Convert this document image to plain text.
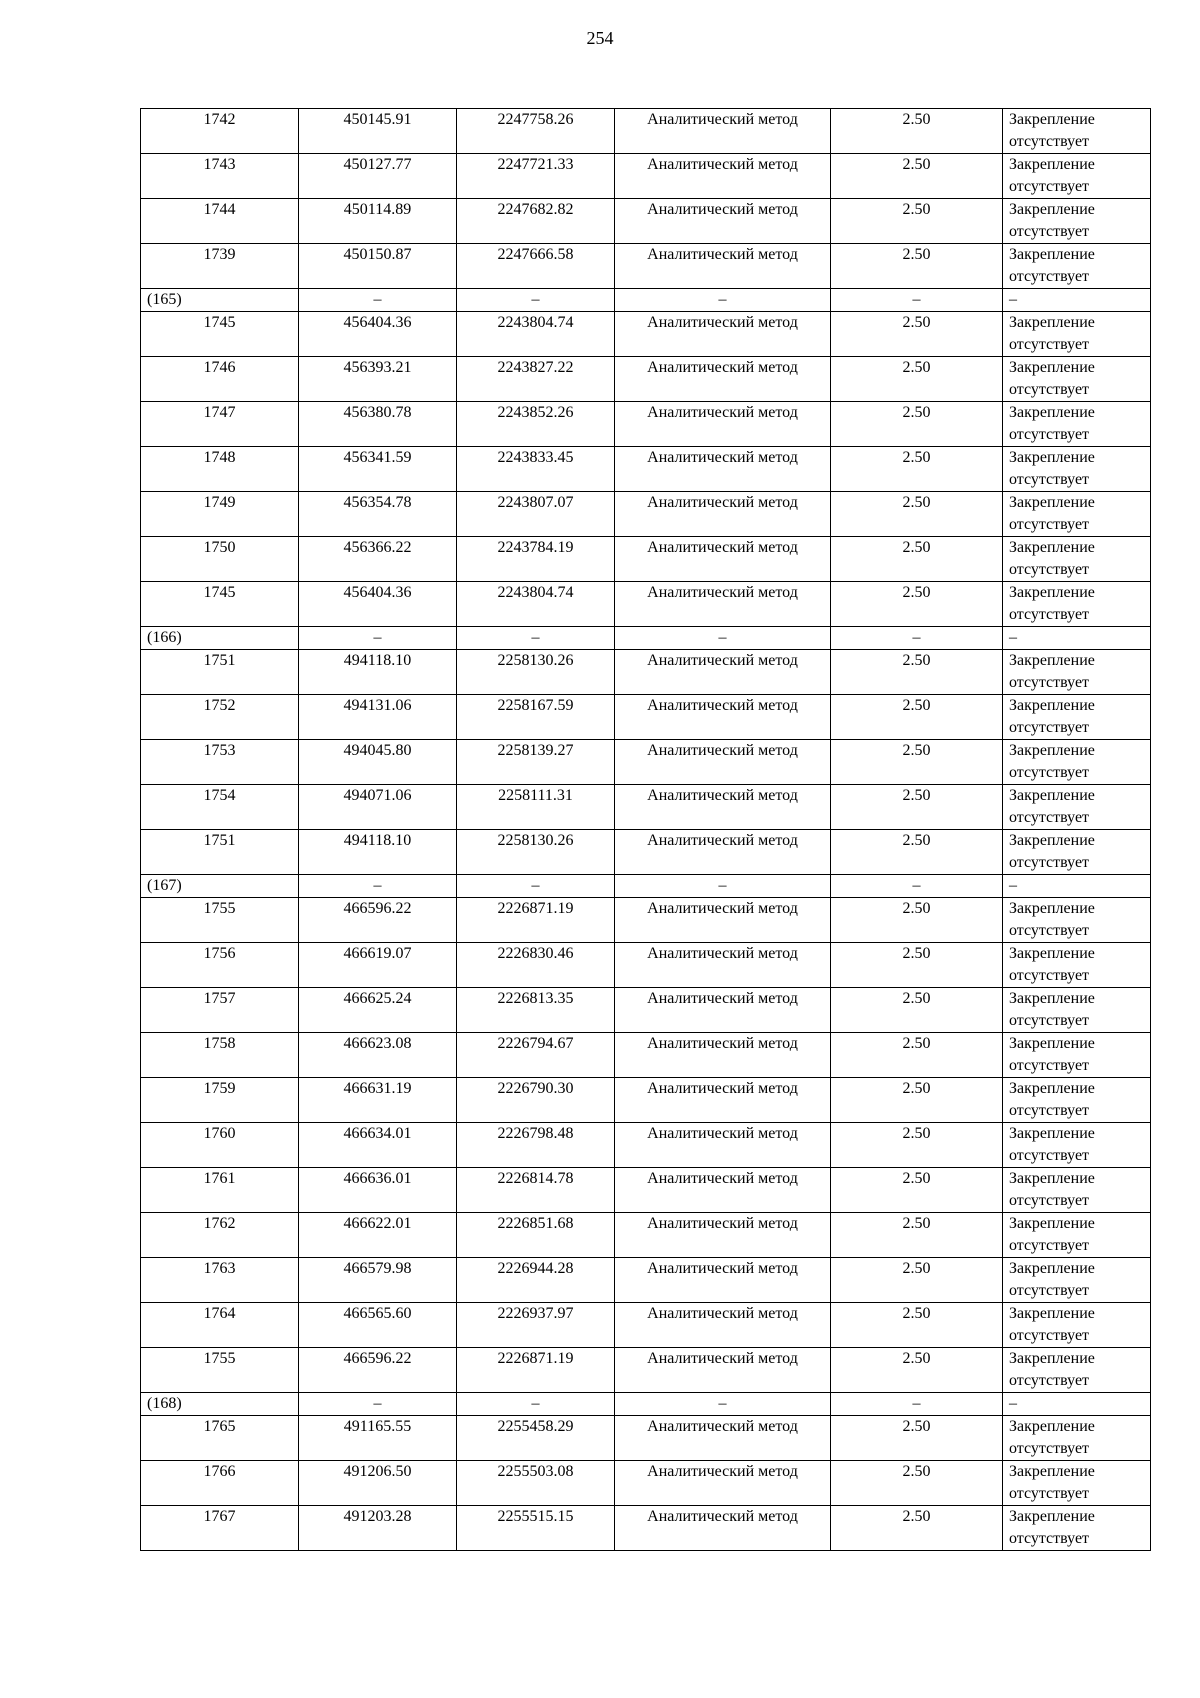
254
1742	450145.91	2247758.26	Аналитический метод	2.50	Закрепление отсутствует
1743	450127.77	2247721.33	Аналитический метод	2.50	Закрепление отсутствует
1744	450114.89	2247682.82	Аналитический метод	2.50	Закрепление отсутствует
1739	450150.87	2247666.58	Аналитический метод	2.50	Закрепление отсутствует
(165)	–	–	–	–	–
1745	456404.36	2243804.74	Аналитический метод	2.50	Закрепление отсутствует
1746	456393.21	2243827.22	Аналитический метод	2.50	Закрепление отсутствует
1747	456380.78	2243852.26	Аналитический метод	2.50	Закрепление отсутствует
1748	456341.59	2243833.45	Аналитический метод	2.50	Закрепление отсутствует
1749	456354.78	2243807.07	Аналитический метод	2.50	Закрепление отсутствует
1750	456366.22	2243784.19	Аналитический метод	2.50	Закрепление отсутствует
1745	456404.36	2243804.74	Аналитический метод	2.50	Закрепление отсутствует
(166)	–	–	–	–	–
1751	494118.10	2258130.26	Аналитический метод	2.50	Закрепление отсутствует
1752	494131.06	2258167.59	Аналитический метод	2.50	Закрепление отсутствует
1753	494045.80	2258139.27	Аналитический метод	2.50	Закрепление отсутствует
1754	494071.06	2258111.31	Аналитический метод	2.50	Закрепление отсутствует
1751	494118.10	2258130.26	Аналитический метод	2.50	Закрепление отсутствует
(167)	–	–	–	–	–
1755	466596.22	2226871.19	Аналитический метод	2.50	Закрепление отсутствует
1756	466619.07	2226830.46	Аналитический метод	2.50	Закрепление отсутствует
1757	466625.24	2226813.35	Аналитический метод	2.50	Закрепление отсутствует
1758	466623.08	2226794.67	Аналитический метод	2.50	Закрепление отсутствует
1759	466631.19	2226790.30	Аналитический метод	2.50	Закрепление отсутствует
1760	466634.01	2226798.48	Аналитический метод	2.50	Закрепление отсутствует
1761	466636.01	2226814.78	Аналитический метод	2.50	Закрепление отсутствует
1762	466622.01	2226851.68	Аналитический метод	2.50	Закрепление отсутствует
1763	466579.98	2226944.28	Аналитический метод	2.50	Закрепление отсутствует
1764	466565.60	2226937.97	Аналитический метод	2.50	Закрепление отсутствует
1755	466596.22	2226871.19	Аналитический метод	2.50	Закрепление отсутствует
(168)	–	–	–	–	–
1765	491165.55	2255458.29	Аналитический метод	2.50	Закрепление отсутствует
1766	491206.50	2255503.08	Аналитический метод	2.50	Закрепление отсутствует
1767	491203.28	2255515.15	Аналитический метод	2.50	Закрепление отсутствует
